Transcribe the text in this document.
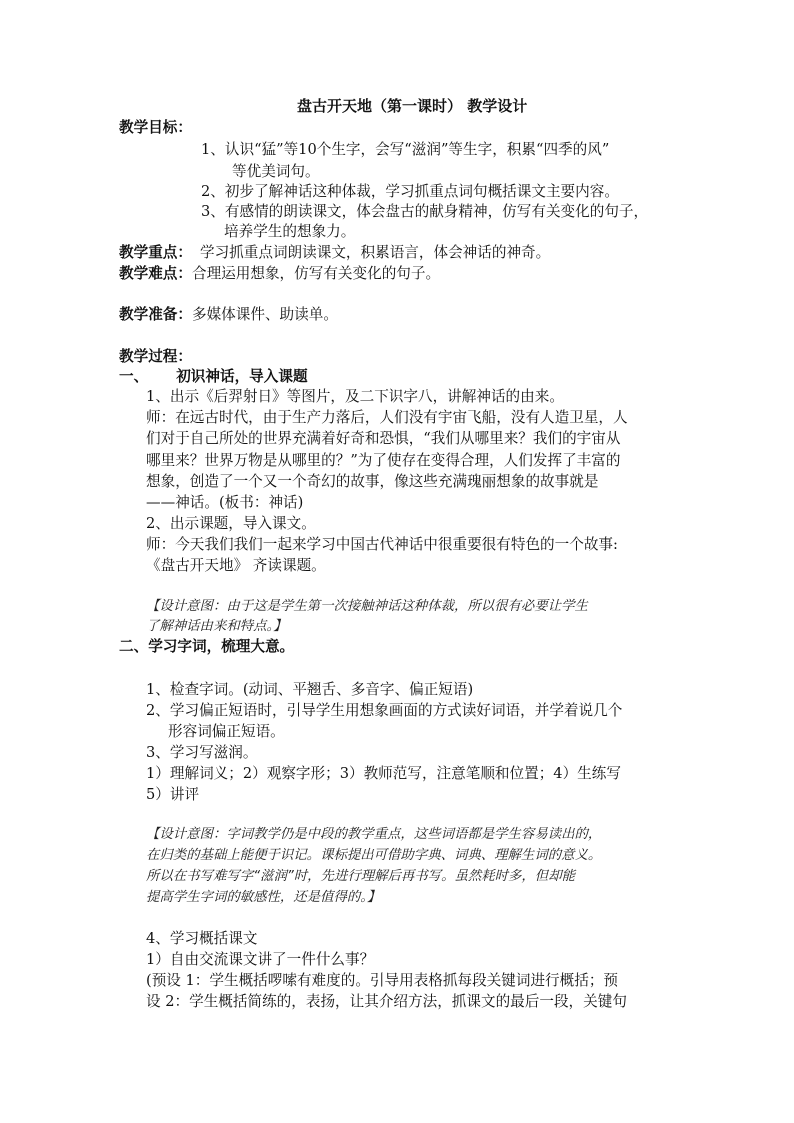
盘古开天地（第一课时） 教学设计
教学目标：
1、认识“猛”等10个生字，会写“滋润”等生字，积累“四季的风”
等优美词句。
2、初步了解神话这种体裁，学习抓重点词句概括课文主要内容。
3、有感情的朗读课文，体会盘古的献身精神，仿写有关变化的句子，
培养学生的想象力。
教学重点： 学习抓重点词朗读课文，积累语言，体会神话的神奇。
教学难点：合理运用想象，仿写有关变化的句子。
教学准备：多媒体课件、助读单。
教学过程：
一、 初识神话，导入课题
1、出示《后羿射日》等图片，及二下识字八，讲解神话的由来。
师：在远古时代，由于生产力落后，人们没有宇宙飞船，没有人造卫星，人
们对于自己所处的世界充满着好奇和恐惧，“我们从哪里来？我们的宇宙从
哪里来？世界万物是从哪里的？”为了使存在变得合理，人们发挥了丰富的
想象，创造了一个又一个奇幻的故事，像这些充满瑰丽想象的故事就是
——神话。(板书：神话)
2、出示课题，导入课文。
师：今天我们我们一起来学习中国古代神话中很重要很有特色的一个故事:
《盘古开天地》 齐读课题。
【设计意图：由于这是学生第一次接触神话这种体裁，所以很有必要让学生
了解神话由来和特点。】
二、学习字词，梳理大意。
1、检查字词。(动词、平翘舌、多音字、偏正短语)
2、学习偏正短语时，引导学生用想象画面的方式读好词语，并学着说几个
形容词偏正短语。
3、学习写滋润。
1）理解词义；2）观察字形；3）教师范写，注意笔顺和位置；4）生练写
5）讲评
【设计意图：字词教学仍是中段的教学重点，这些词语都是学生容易读出的，
在归类的基础上能便于识记。课标提出可借助字典、词典、理解生词的意义。
所以在书写难写字“滋润”时，先进行理解后再书写。虽然耗时多，但却能
提高学生字词的敏感性，还是值得的。】
4、学习概括课文
1）自由交流课文讲了一件什么事？
(预设 1：学生概括啰嗦有难度的。引导用表格抓每段关键词进行概括；预
设 2：学生概括简练的，表扬，让其介绍方法，抓课文的最后一段，关键句
